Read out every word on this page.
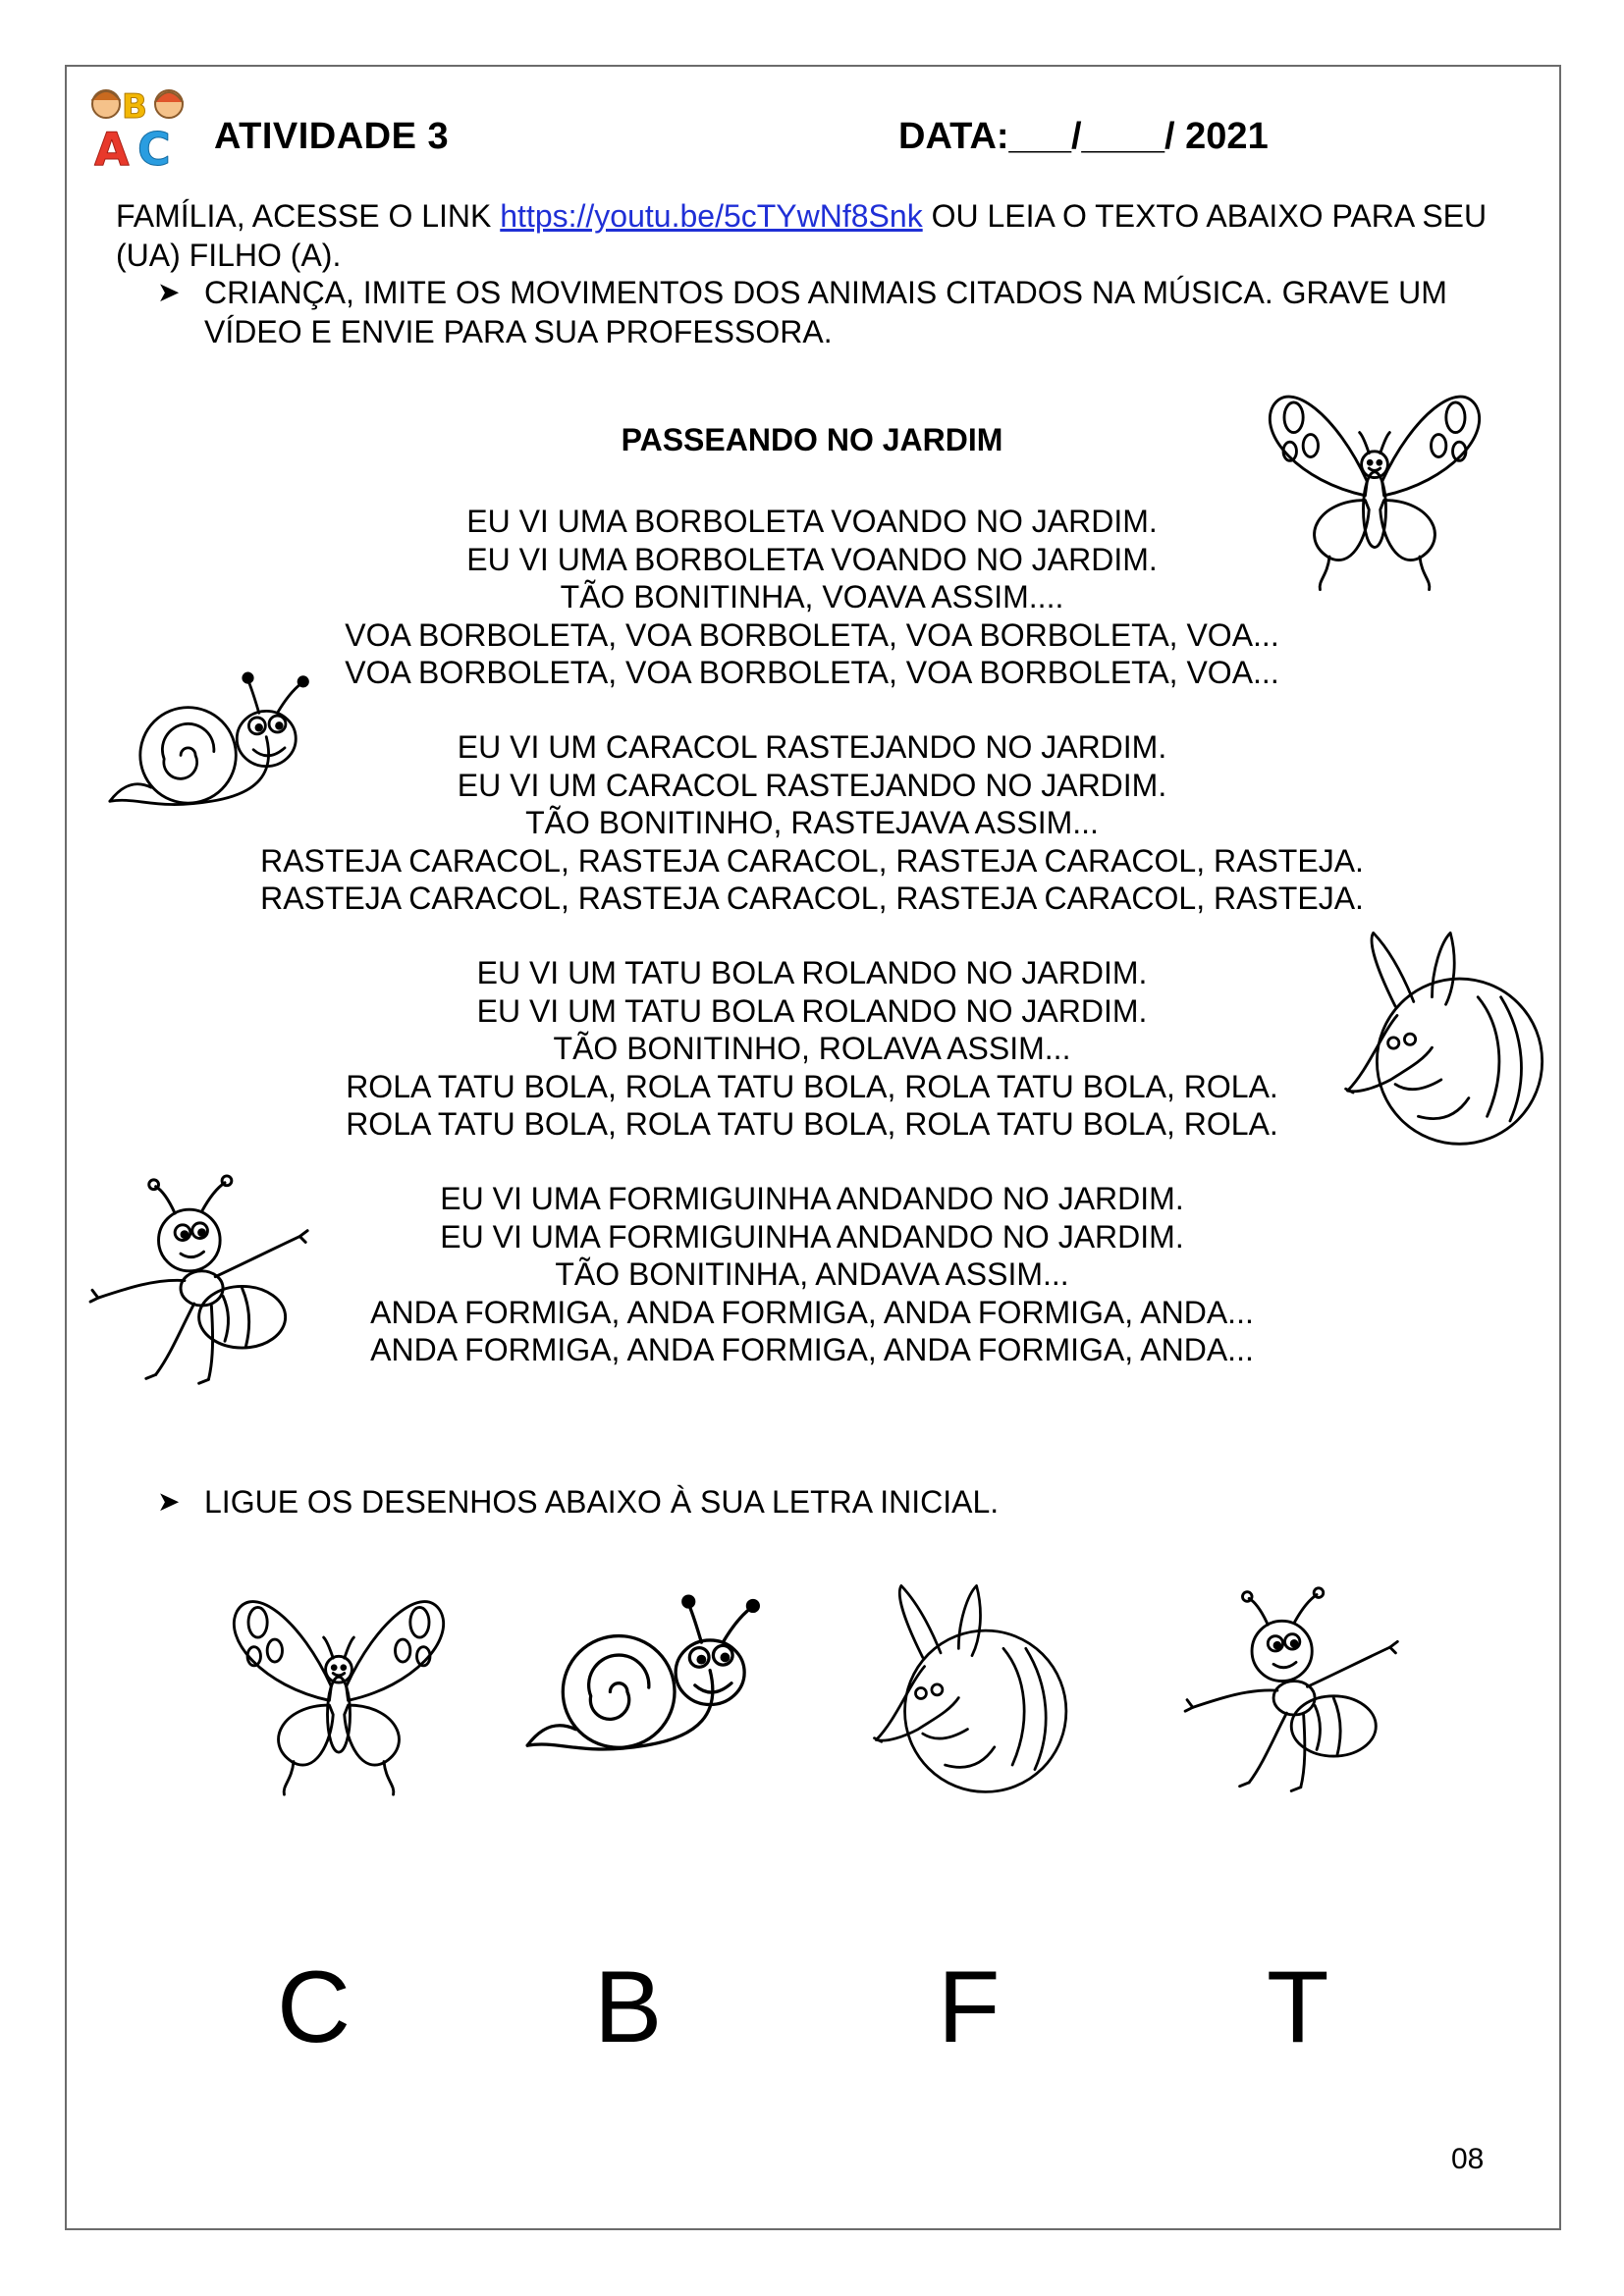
B
A C ATIVIDADE 3	DATA:___/____/ 2021
FAMÍLIA, ACESSE O LINK https://youtu.be/5cTYwNf8Snk OU LEIA O TEXTO ABAIXO PARA SEU (UA) FILHO (A).
➤ CRIANÇA, IMITE OS MOVIMENTOS DOS ANIMAIS CITADOS NA MÚSICA. GRAVE UM VÍDEO E ENVIE PARA SUA PROFESSORA.
PASSEANDO NO JARDIM
EU VI UMA BORBOLETA VOANDO NO JARDIM.
EU VI UMA BORBOLETA VOANDO NO JARDIM.
TÃO BONITINHA, VOAVA ASSIM....
VOA BORBOLETA, VOA BORBOLETA, VOA BORBOLETA, VOA...
VOA BORBOLETA, VOA BORBOLETA, VOA BORBOLETA, VOA...
EU VI UM CARACOL RASTEJANDO NO JARDIM.
EU VI UM CARACOL RASTEJANDO NO JARDIM.
TÃO BONITINHO, RASTEJAVA ASSIM...
RASTEJA CARACOL, RASTEJA CARACOL, RASTEJA CARACOL, RASTEJA.
RASTEJA CARACOL, RASTEJA CARACOL, RASTEJA CARACOL, RASTEJA.
EU VI UM TATU BOLA ROLANDO NO JARDIM.
EU VI UM TATU BOLA ROLANDO NO JARDIM.
TÃO BONITINHO, ROLAVA ASSIM...
ROLA TATU BOLA, ROLA TATU BOLA, ROLA TATU BOLA, ROLA.
ROLA TATU BOLA, ROLA TATU BOLA, ROLA TATU BOLA, ROLA.
EU VI UMA FORMIGUINHA ANDANDO NO JARDIM.
EU VI UMA FORMIGUINHA ANDANDO NO JARDIM.
TÃO BONITINHA, ANDAVA ASSIM...
ANDA FORMIGA, ANDA FORMIGA, ANDA FORMIGA, ANDA...
ANDA FORMIGA, ANDA FORMIGA, ANDA FORMIGA, ANDA...
➤ LIGUE OS DESENHOS ABAIXO À SUA LETRA INICIAL.
C B	F	T
08
